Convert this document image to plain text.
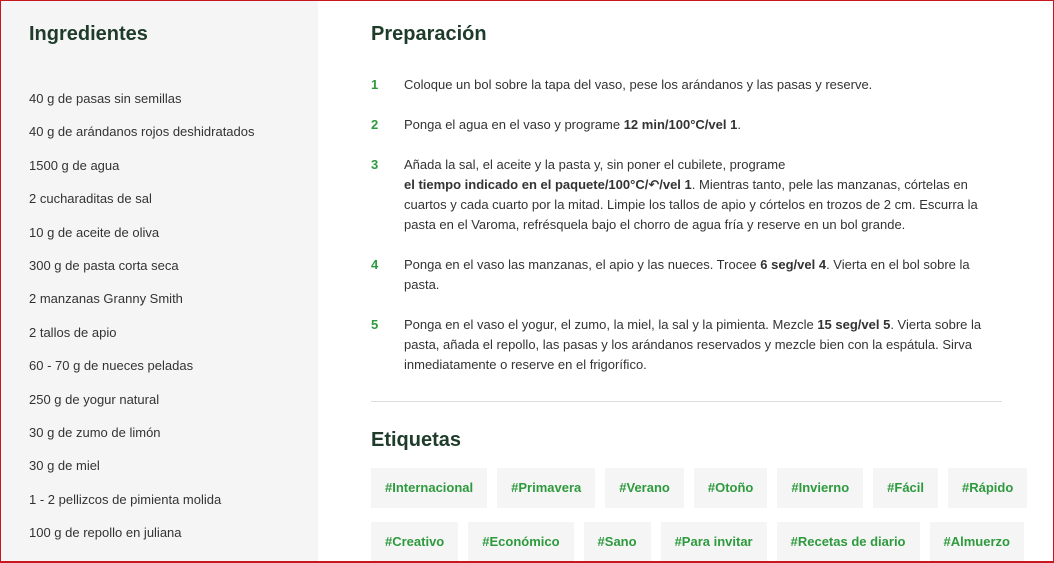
Ingredientes
40 g de pasas sin semillas
40 g de arándanos rojos deshidratados
1500 g de agua
2 cucharaditas de sal
10 g de aceite de oliva
300 g de pasta corta seca
2 manzanas Granny Smith
2 tallos de apio
60 - 70 g de nueces peladas
250 g de yogur natural
30 g de zumo de limón
30 g de miel
1 - 2 pellizcos de pimienta molida
100 g de repollo en juliana
Preparación
1	Coloque un bol sobre la tapa del vaso, pese los arándanos y las pasas y reserve.
2	Ponga el agua en el vaso y programe 12 min/100°C/vel 1.
3	Añada la sal, el aceite y la pasta y, sin poner el cubilete, programe
el tiempo indicado en el paquete/100°C/↶/vel 1. Mientras tanto, pele las manzanas, córtelas en cuartos y cada cuarto por la mitad. Limpie los tallos de apio y córtelos en trozos de 2 cm. Escurra la pasta en el Varoma, refrésquela bajo el chorro de agua fría y reserve en un bol grande.
4	Ponga en el vaso las manzanas, el apio y las nueces. Trocee 6 seg/vel 4. Vierta en el bol sobre la pasta.
5	Ponga en el vaso el yogur, el zumo, la miel, la sal y la pimienta. Mezcle 15 seg/vel 5. Vierta sobre la pasta, añada el repollo, las pasas y los arándanos reservados y mezcle bien con la espátula. Sirva inmediatamente o reserve en el frigorífico.
Etiquetas
#Internacional	#Primavera	#Verano	#Otoño	#Invierno	#Fácil	#Rápido
#Creativo	#Económico	#Sano	#Para invitar	#Recetas de diario	#Almuerzo
